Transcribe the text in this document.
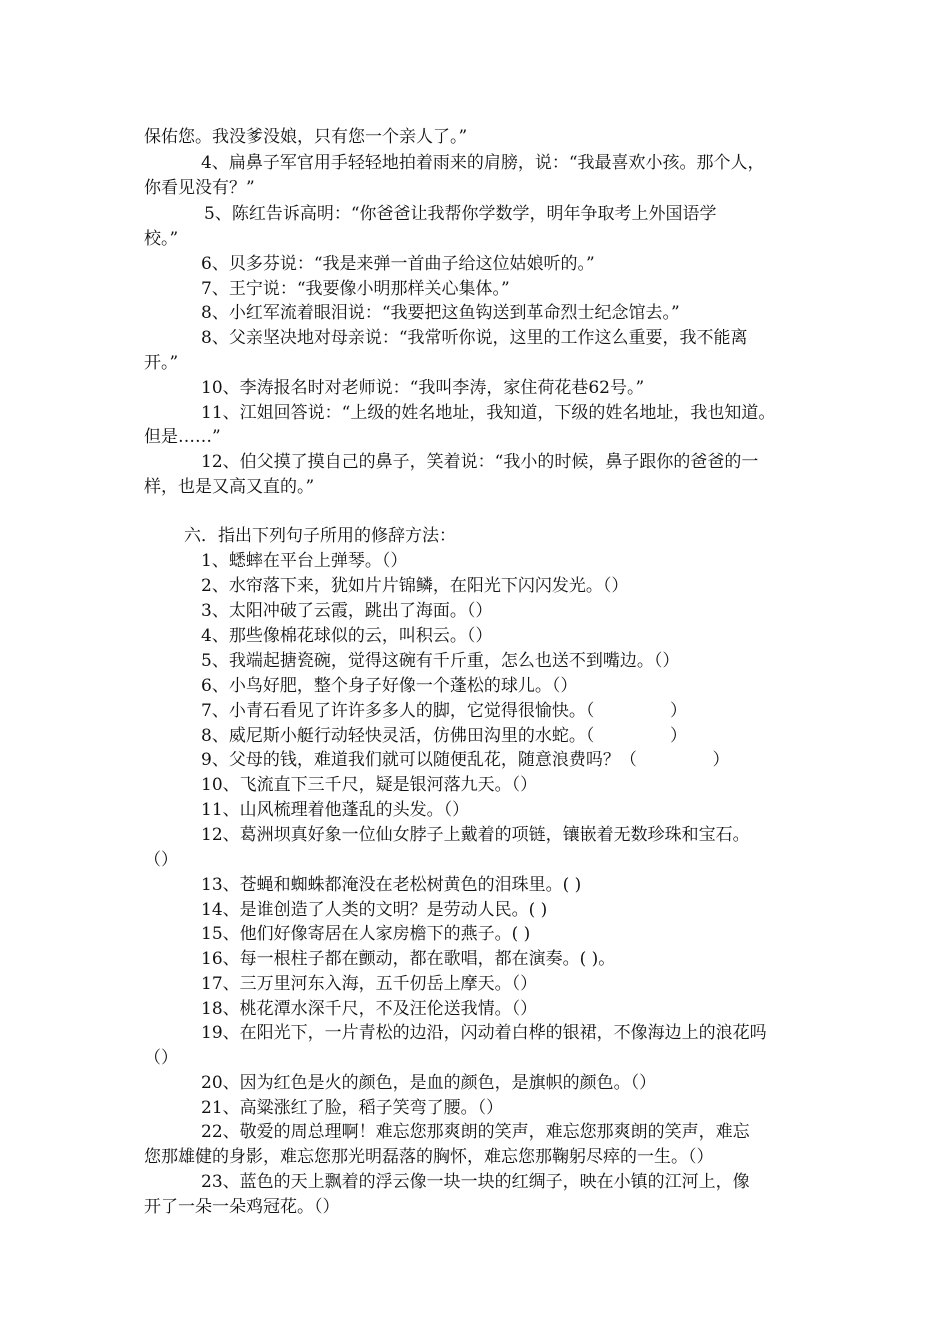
保佑您。我没爹没娘，只有您一个亲人了。”
4、扁鼻子军官用手轻轻地拍着雨来的肩膀，说：“我最喜欢小孩。那个人，
你看见没有？”
5、陈红告诉高明：“你爸爸让我帮你学数学，明年争取考上外国语学
校。”
6、贝多芬说：“我是来弹一首曲子给这位姑娘听的。”
7、王宁说：“我要像小明那样关心集体。”
8、小红军流着眼泪说：“我要把这鱼钩送到革命烈士纪念馆去。”
8、父亲坚决地对母亲说：“我常听你说，这里的工作这么重要，我不能离
开。”
10、李涛报名时对老师说：“我叫李涛，家住荷花巷62号。”
11、江姐回答说：“上级的姓名地址，我知道，下级的姓名地址，我也知道。
但是……”
12、伯父摸了摸自己的鼻子，笑着说：“我小的时候，鼻子跟你的爸爸的一
样，也是又高又直的。”
六．指出下列句子所用的修辞方法：
1、蟋蟀在平台上弹琴。（）
2、水帘落下来，犹如片片锦鳞，在阳光下闪闪发光。（）
3、太阳冲破了云霞，跳出了海面。（）
4、那些像棉花球似的云，叫积云。（）
5、我端起搪瓷碗，觉得这碗有千斤重，怎么也送不到嘴边。（）
6、小鸟好肥，整个身子好像一个蓬松的球儿。（）
7、小青石看见了许许多多人的脚，它觉得很愉快。（              ）
8、威尼斯小艇行动轻快灵活，仿佛田沟里的水蛇。（              ）
9、父母的钱，难道我们就可以随便乱花，随意浪费吗？（              ）
10、飞流直下三千尺，疑是银河落九天。（）
11、山风梳理着他蓬乱的头发。（）
12、葛洲坝真好象一位仙女脖子上戴着的项链，镶嵌着无数珍珠和宝石。
（）
13、苍蝇和蜘蛛都淹没在老松树黄色的泪珠里。( )
14、是谁创造了人类的文明？是劳动人民。( )
15、他们好像寄居在人家房檐下的燕子。( )
16、每一根柱子都在颤动，都在歌唱，都在演奏。( )。
17、三万里河东入海，五千仞岳上摩天。（）
18、桃花潭水深千尺，不及汪伦送我情。（）
19、在阳光下，一片青松的边沿，闪动着白桦的银裙，不像海边上的浪花吗
（）
20、因为红色是火的颜色，是血的颜色，是旗帜的颜色。（）
21、高粱涨红了脸，稻子笑弯了腰。（）
22、敬爱的周总理啊！难忘您那爽朗的笑声，难忘您那爽朗的笑声，难忘
您那雄健的身影，难忘您那光明磊落的胸怀，难忘您那鞠躬尽瘁的一生。（）
23、蓝色的天上飘着的浮云像一块一块的红绸子，映在小镇的江河上，像
开了一朵一朵鸡冠花。（）
